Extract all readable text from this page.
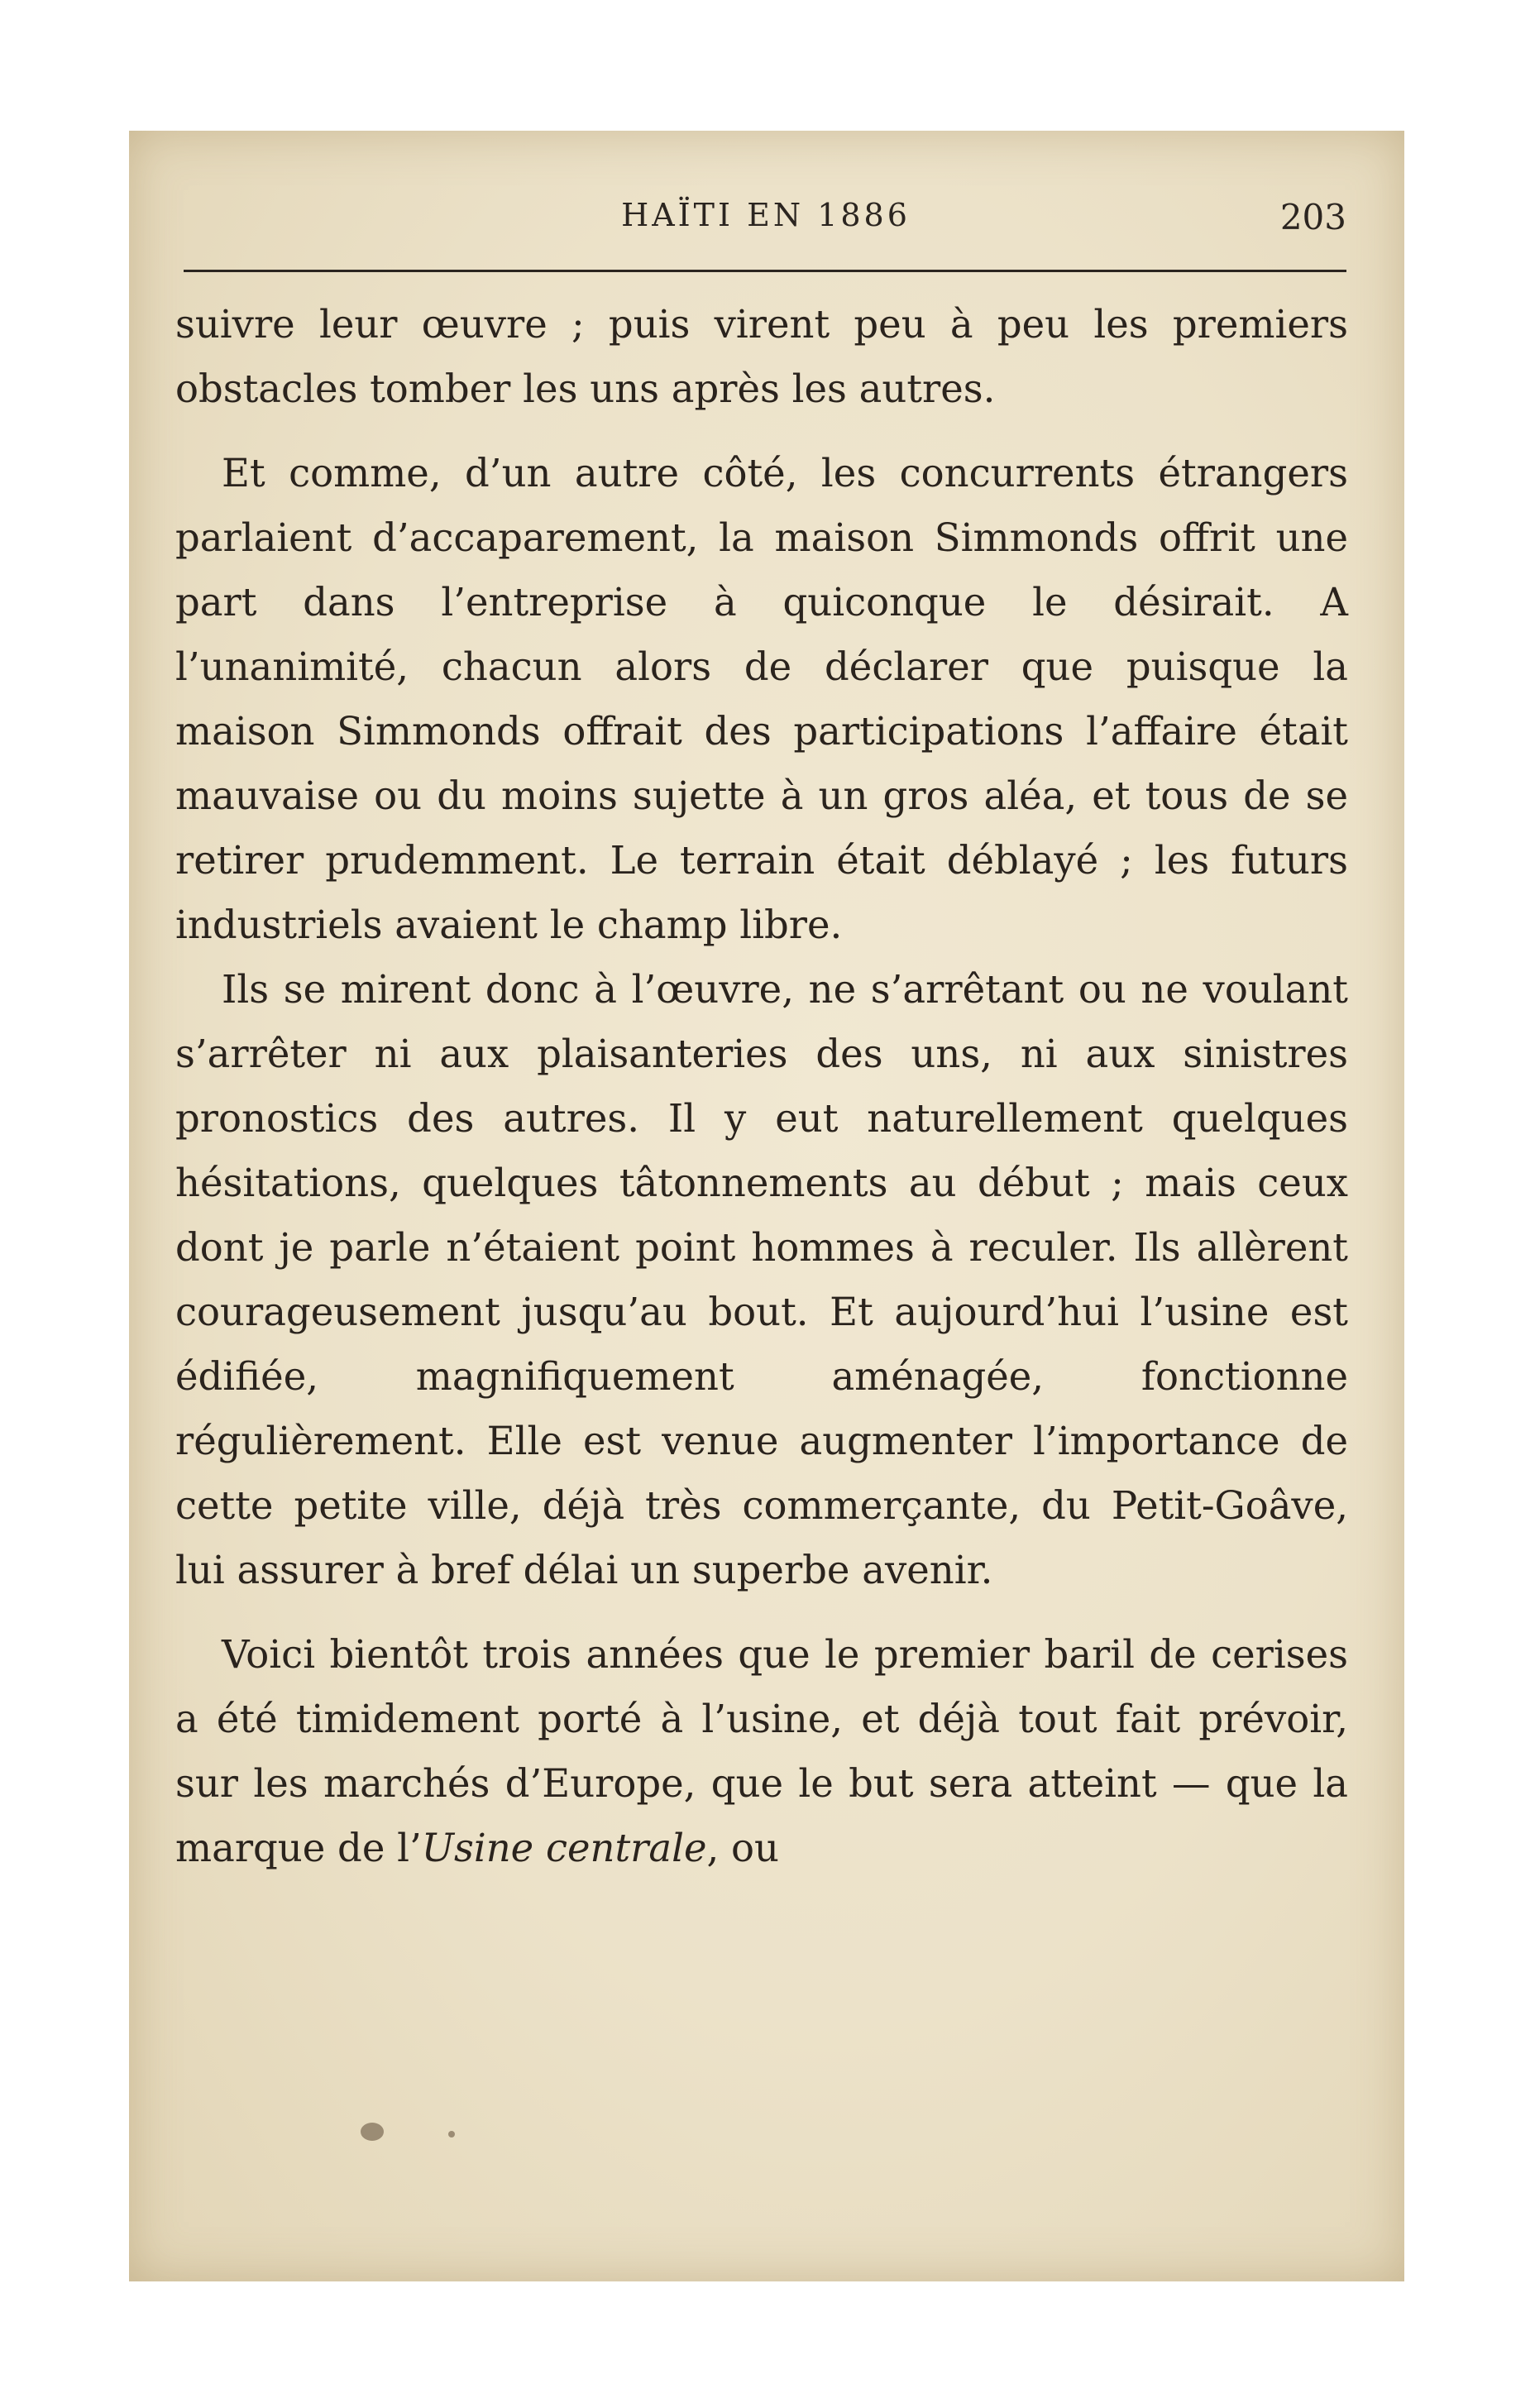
HAÏTI EN 1886	203

suivre leur œuvre ; puis virent peu à peu les premiers obstacles tomber les uns après les autres.

Et comme, d’un autre côté, les concurrents étrangers parlaient d’accaparement, la maison Simmonds offrit une part dans l’entreprise à quiconque le désirait. A l’unanimité, chacun alors de déclarer que puisque la maison Simmonds offrait des participations l’affaire était mauvaise ou du moins sujette à un gros aléa, et tous de se retirer prudemment. Le terrain était déblayé ; les futurs industriels avaient le champ libre.

Ils se mirent donc à l’œuvre, ne s’arrêtant ou ne voulant s’arrêter ni aux plaisanteries des uns, ni aux sinistres pronostics des autres. Il y eut naturellement quelques hésitations, quelques tâtonnements au début ; mais ceux dont je parle n’étaient point hommes à reculer. Ils allèrent courageusement jusqu’au bout. Et aujourd’hui l’usine est édifiée, magnifiquement aménagée, fonctionne régulièrement. Elle est venue augmenter l’importance de cette petite ville, déjà très commerçante, du Petit-Goâve, lui assurer à bref délai un superbe avenir.

Voici bientôt trois années que le premier baril de cerises a été timidement porté à l’usine, et déjà tout fait prévoir, sur les marchés d’Europe, que le but sera atteint — que la marque de l’Usine centrale, ou
